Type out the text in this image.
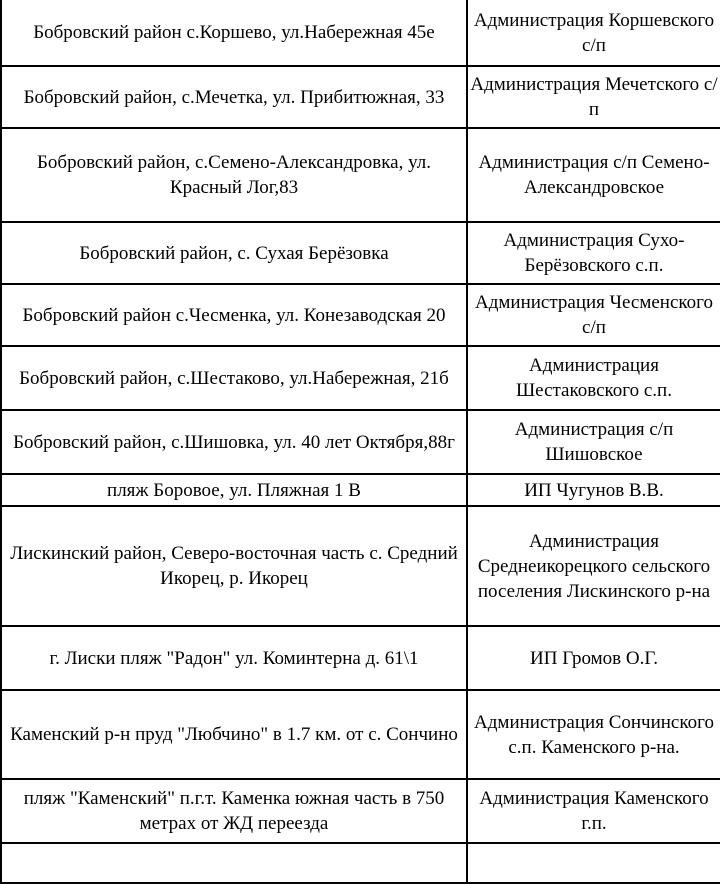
Бобровский район с.Коршево, ул.Набережная 45е	Администрация Коршевского с/п

Бобровский район, с.Мечетка, ул. Прибитюжная, 33	Администрация Мечетского с/п

Бобровский район, с.Семено-Александровка, ул. Красный Лог,83	Администрация с/п Семено-Александровское

Бобровский район, с. Сухая Берёзовка	Администрация Сухо-Берёзовского с.п.

Бобровский район с.Чесменка, ул. Конезаводская 20	Администрация Чесменского с/п

Бобровский район, с.Шестаково, ул.Набережная, 21б	Администрация Шестаковского с.п.

Бобровский район, с.Шишовка, ул. 40 лет Октября,88г	Администрация с/п Шишовское

пляж Боровое, ул. Пляжная 1 В	ИП Чугунов В.В.

Лискинский район, Северо-восточная часть с. Средний Икорец, р. Икорец	Администрация Среднеикорецкого сельского поселения Лискинского р-на

г. Лиски пляж "Радон" ул. Коминтерна д. 61\1	ИП Громов О.Г.

Каменский р-н пруд "Любчино" в 1.7 км. от с. Сончино	Администрация Сончинского с.п. Каменского р-на.

пляж "Каменский" п.г.т. Каменка южная часть в 750 метрах от ЖД переезда	Администрация Каменского г.п.
